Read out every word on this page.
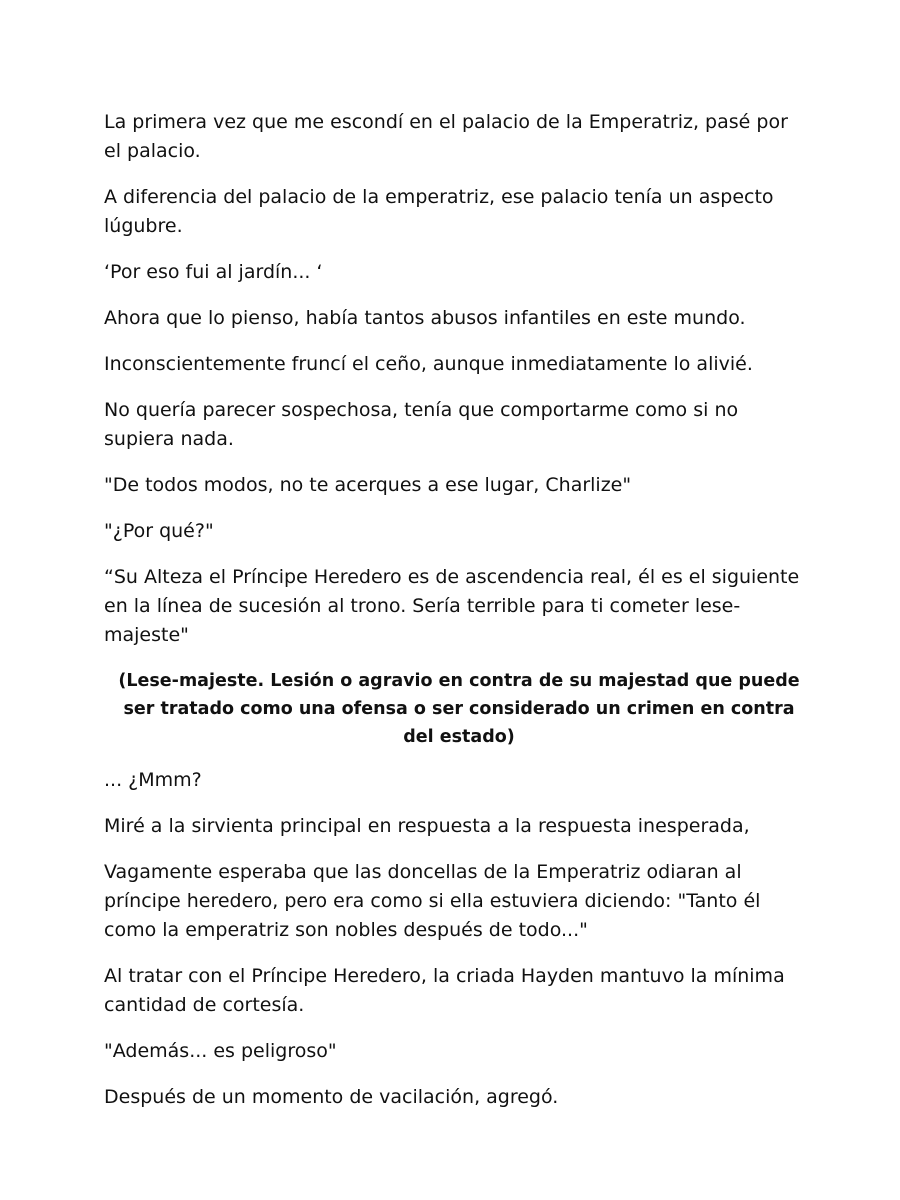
La primera vez que me escondí en el palacio de la Emperatriz, pasé por el palacio.

A diferencia del palacio de la emperatriz, ese palacio tenía un aspecto lúgubre.

‘Por eso fui al jardín... ‘

Ahora que lo pienso, había tantos abusos infantiles en este mundo.

Inconscientemente fruncí el ceño, aunque inmediatamente lo alivié.

No quería parecer sospechosa, tenía que comportarme como si no supiera nada.

"De todos modos, no te acerques a ese lugar, Charlize"

"¿Por qué?"

“Su Alteza el Príncipe Heredero es de ascendencia real, él es el siguiente en la línea de sucesión al trono. Sería terrible para ti cometer lese-majeste"

(Lese-majeste. Lesión o agravio en contra de su majestad que puede ser tratado como una ofensa o ser considerado un crimen en contra del estado)

... ¿Mmm?

Miré a la sirvienta principal en respuesta a la respuesta inesperada,

Vagamente esperaba que las doncellas de la Emperatriz odiaran al príncipe heredero, pero era como si ella estuviera diciendo: "Tanto él como la emperatriz son nobles después de todo..."

Al tratar con el Príncipe Heredero, la criada Hayden mantuvo la mínima cantidad de cortesía.

"Además... es peligroso"

Después de un momento de vacilación, agregó.
